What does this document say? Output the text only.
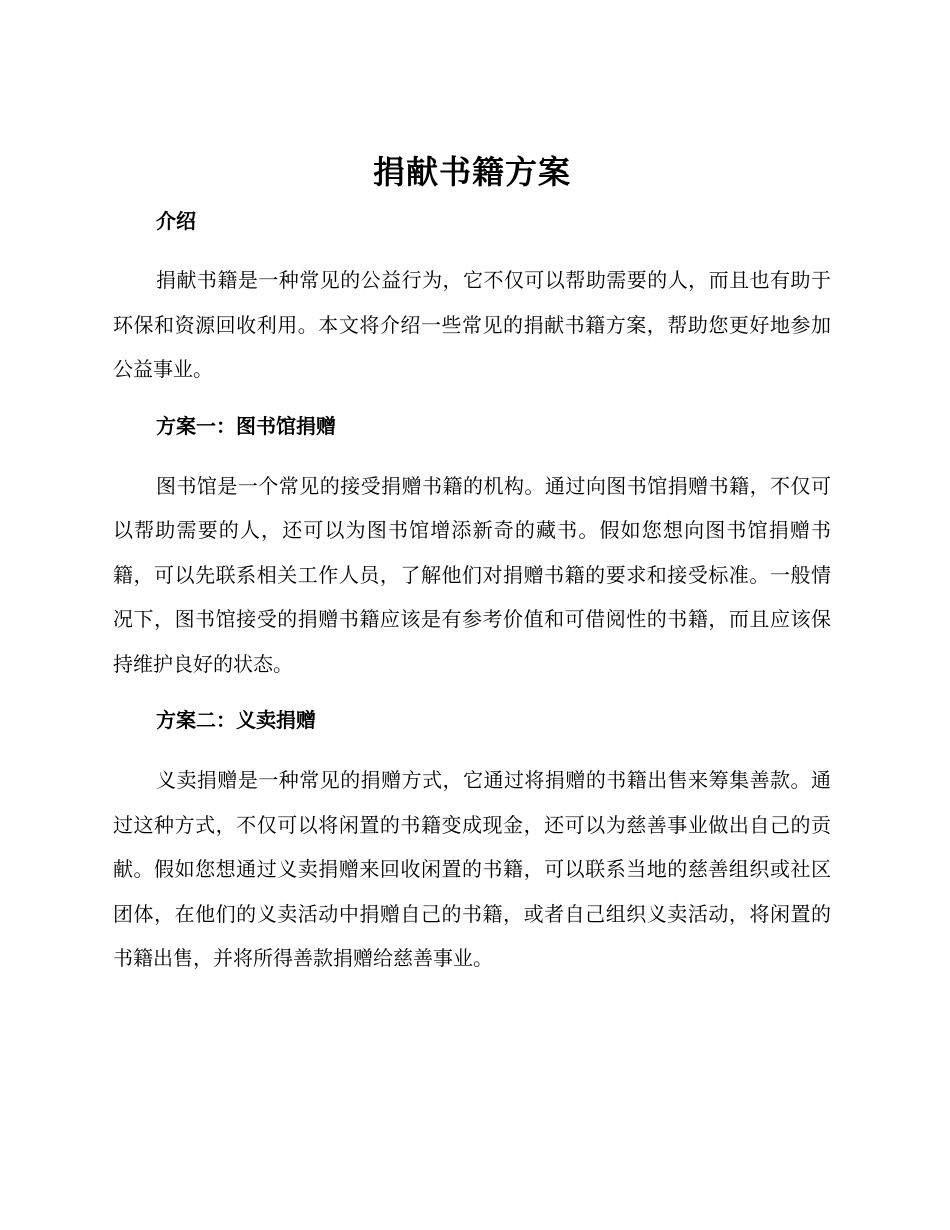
捐献书籍方案
介绍

捐献书籍是一种常见的公益行为，它不仅可以帮助需要的人，而且也有助于环保和资源回收利用。本文将介绍一些常见的捐献书籍方案，帮助您更好地参加公益事业。

方案一：图书馆捐赠

图书馆是一个常见的接受捐赠书籍的机构。通过向图书馆捐赠书籍，不仅可以帮助需要的人，还可以为图书馆增添新奇的藏书。假如您想向图书馆捐赠书籍，可以先联系相关工作人员，了解他们对捐赠书籍的要求和接受标准。一般情况下，图书馆接受的捐赠书籍应该是有参考价值和可借阅性的书籍，而且应该保持维护良好的状态。

方案二：义卖捐赠

义卖捐赠是一种常见的捐赠方式，它通过将捐赠的书籍出售来筹集善款。通过这种方式，不仅可以将闲置的书籍变成现金，还可以为慈善事业做出自己的贡献。假如您想通过义卖捐赠来回收闲置的书籍，可以联系当地的慈善组织或社区团体，在他们的义卖活动中捐赠自己的书籍，或者自己组织义卖活动，将闲置的书籍出售，并将所得善款捐赠给慈善事业。
